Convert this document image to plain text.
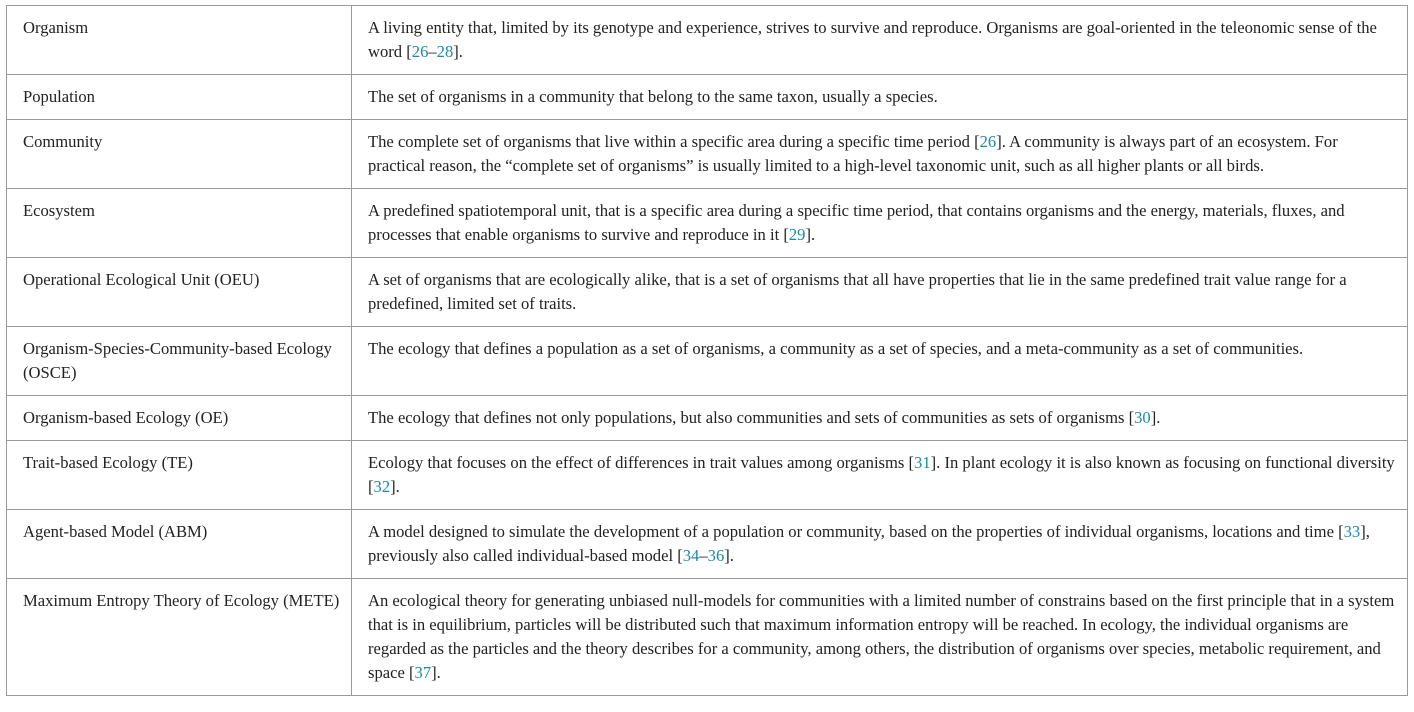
Organism	A living entity that, limited by its genotype and experience, strives to survive and reproduce. Organisms are goal-oriented in the teleonomic sense of the word [26–28].
Population	The set of organisms in a community that belong to the same taxon, usually a species.
Community	The complete set of organisms that live within a specific area during a specific time period [26]. A community is always part of an ecosystem. For practical reason, the “complete set of organisms” is usually limited to a high-level taxonomic unit, such as all higher plants or all birds.
Ecosystem	A predefined spatiotemporal unit, that is a specific area during a specific time period, that contains organisms and the energy, materials, fluxes, and processes that enable organisms to survive and reproduce in it [29].
Operational Ecological Unit (OEU)	A set of organisms that are ecologically alike, that is a set of organisms that all have properties that lie in the same predefined trait value range for a predefined, limited set of traits.
Organism-Species-Community-based Ecology (OSCE)	The ecology that defines a population as a set of organisms, a community as a set of species, and a meta-community as a set of communities.
Organism-based Ecology (OE)	The ecology that defines not only populations, but also communities and sets of communities as sets of organisms [30].
Trait-based Ecology (TE)	Ecology that focuses on the effect of differences in trait values among organisms [31]. In plant ecology it is also known as focusing on functional diversity [32].
Agent-based Model (ABM)	A model designed to simulate the development of a population or community, based on the properties of individual organisms, locations and time [33], previously also called individual-based model [34–36].
Maximum Entropy Theory of Ecology (METE)	An ecological theory for generating unbiased null-models for communities with a limited number of constrains based on the first principle that in a system that is in equilibrium, particles will be distributed such that maximum information entropy will be reached. In ecology, the individual organisms are regarded as the particles and the theory describes for a community, among others, the distribution of organisms over species, metabolic requirement, and space [37].
